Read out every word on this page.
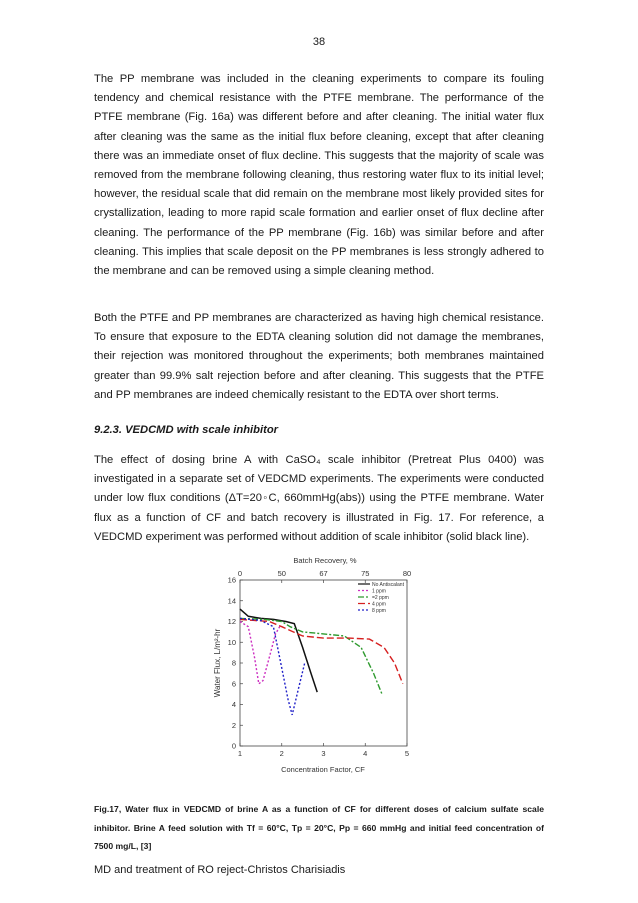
38

The PP membrane was included in the cleaning experiments to compare its fouling tendency and chemical resistance with the PTFE membrane. The performance of the PTFE membrane (Fig. 16a) was different before and after cleaning. The initial water flux after cleaning was the same as the initial flux before cleaning, except that after cleaning there was an immediate onset of flux decline. This suggests that the majority of scale was removed from the membrane following cleaning, thus restoring water flux to its initial level; however, the residual scale that did remain on the membrane most likely provided sites for crystallization, leading to more rapid scale formation and earlier onset of flux decline after cleaning. The performance of the PP membrane (Fig. 16b) was similar before and after cleaning. This implies that scale deposit on the PP membranes is less strongly adhered to the membrane and can be removed using a simple cleaning method.

Both the PTFE and PP membranes are characterized as having high chemical resistance. To ensure that exposure to the EDTA cleaning solution did not damage the membranes, their rejection was monitored throughout the experiments; both membranes maintained greater than 99.9% salt rejection before and after cleaning. This suggests that the PTFE and PP membranes are indeed chemically resistant to the EDTA over short terms.

9.2.3. VEDCMD with scale inhibitor

The effect of dosing brine A with CaSO₄ scale inhibitor (Pretreat Plus 0400) was investigated in a separate set of VEDCMD experiments. The experiments were conducted under low flux conditions (ΔT=20◦C, 660mmHg(abs)) using the PTFE membrane. Water flux as a function of CF and batch recovery is illustrated in Fig. 17. For reference, a VEDCMD experiment was performed without addition of scale inhibitor (solid black line).

Batch Recovery, %
0	50	67	75	80
0
2
4
6
8
10
12
14
16
1	2	3	4	5
No Antiscalant
1 ppm
=2 ppm
4 ppm
8 ppm
Water Flux, L/m²-hr
Concentration Factor, CF

Fig.17, Water flux in VEDCMD of brine A as a function of CF for different doses of calcium sulfate scale inhibitor. Brine A feed solution with Tf = 60°C, Tp = 20°C, Pp = 660 mmHg and initial feed concentration of 7500 mg/L, [3]

MD and treatment of RO reject-Christos Charisiadis
